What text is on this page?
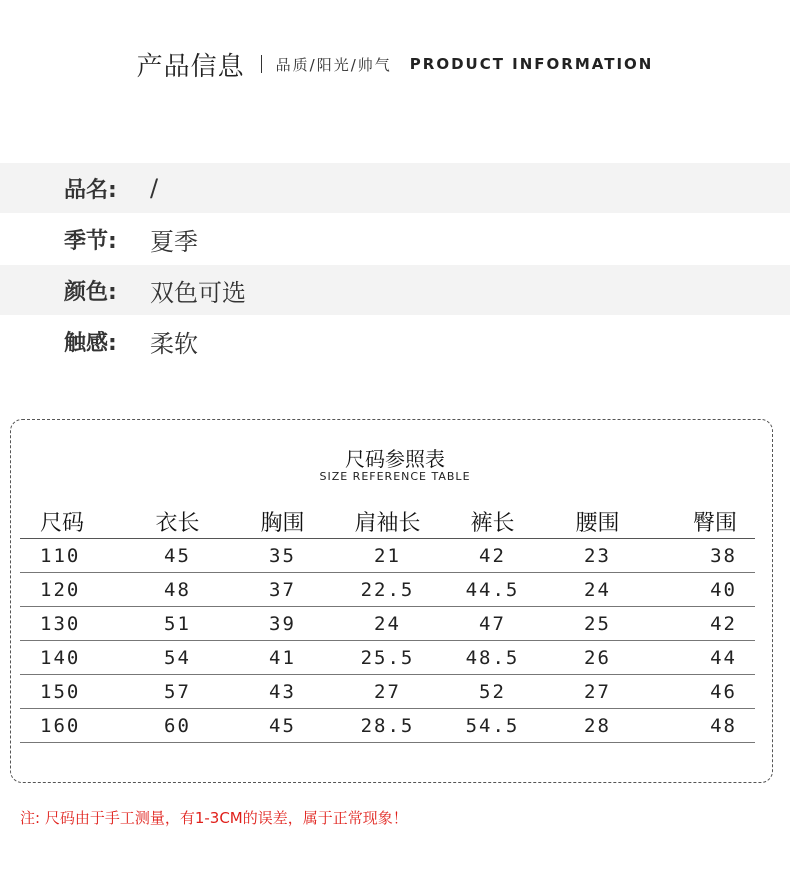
产品信息 品质/阳光/帅气 PRODUCT INFORMATION
品名: /
季节: 夏季
颜色: 双色可选
触感: 柔软
尺码参照表
SIZE REFERENCE TABLE
尺码	衣长	胸围	肩袖长	裤长	腰围	臀围
110	45	35	21	42	23	38
120	48	37	22.5	44.5	24	40
130	51	39	24	47	25	42
140	54	41	25.5	48.5	26	44
150	57	43	27	52	27	46
160	60	45	28.5	54.5	28	48
注: 尺码由于手工测量，有1-3CM的误差，属于正常现象！
